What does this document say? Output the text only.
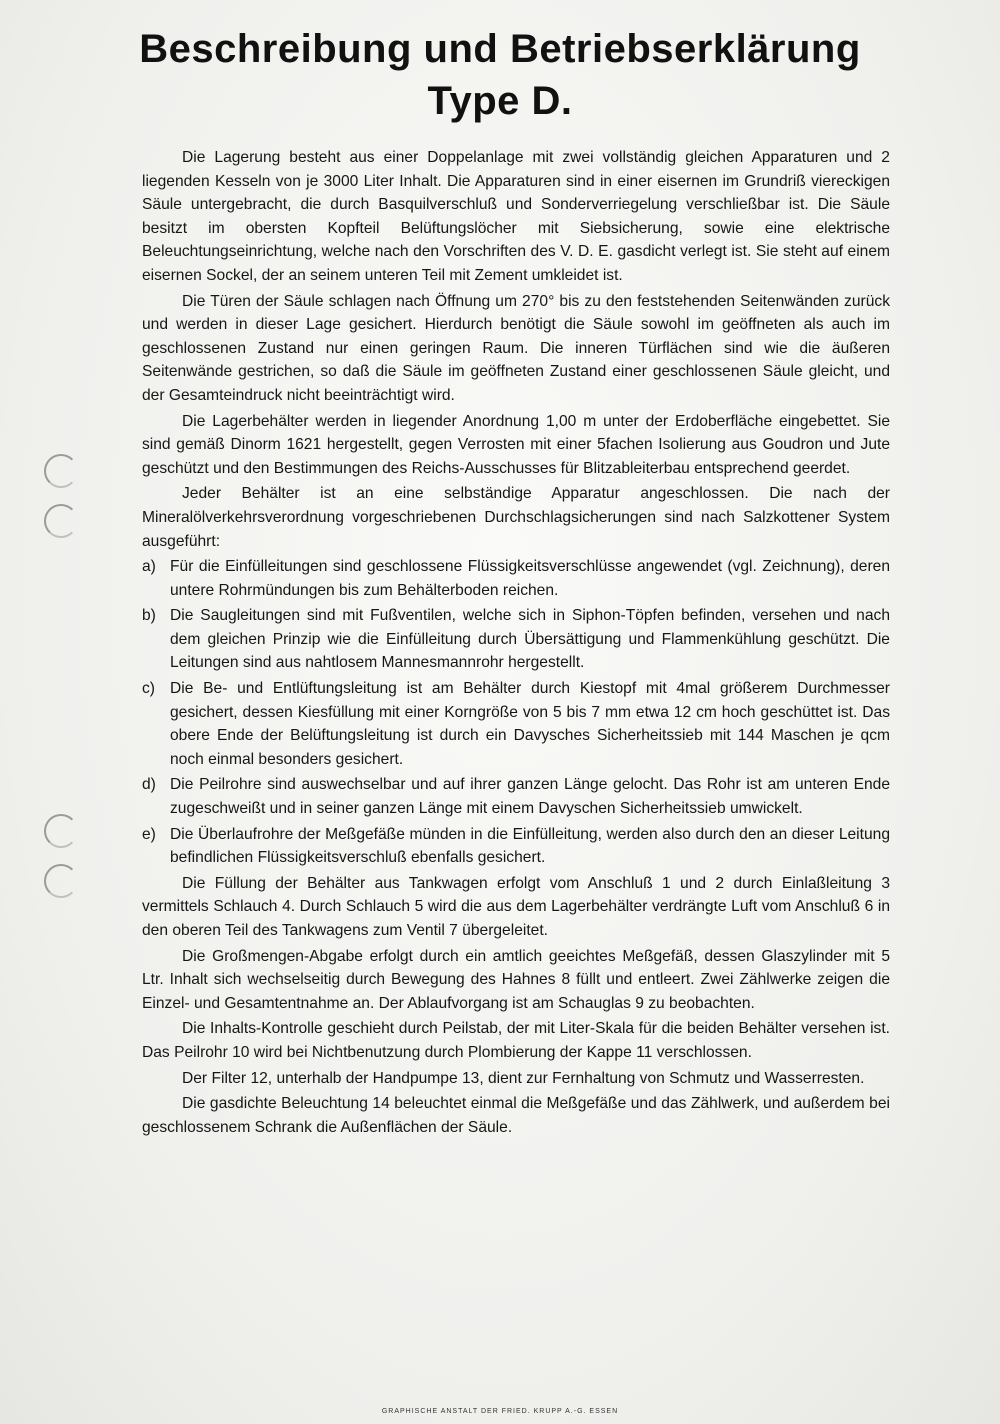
Beschreibung und Betriebserklärung
Type D.

Die Lagerung besteht aus einer Doppelanlage mit zwei vollständig gleichen Apparaturen und 2 liegenden Kesseln von je 3000 Liter Inhalt. Die Apparaturen sind in einer eisernen im Grundriß viereckigen Säule untergebracht, die durch Basquilverschluß und Sonderverriegelung verschließbar ist. Die Säule besitzt im obersten Kopfteil Belüftungslöcher mit Siebsicherung, sowie eine elektrische Beleuchtungseinrichtung, welche nach den Vorschriften des V. D. E. gasdicht verlegt ist. Sie steht auf einem eisernen Sockel, der an seinem unteren Teil mit Zement umkleidet ist.

Die Türen der Säule schlagen nach Öffnung um 270° bis zu den feststehenden Seitenwänden zurück und werden in dieser Lage gesichert. Hierdurch benötigt die Säule sowohl im geöffneten als auch im geschlossenen Zustand nur einen geringen Raum. Die inneren Türflächen sind wie die äußeren Seitenwände gestrichen, so daß die Säule im geöffneten Zustand einer geschlossenen Säule gleicht, und der Gesamteindruck nicht beeinträchtigt wird.

Die Lagerbehälter werden in liegender Anordnung 1,00 m unter der Erdoberfläche eingebettet. Sie sind gemäß Dinorm 1621 hergestellt, gegen Verrosten mit einer 5fachen Isolierung aus Goudron und Jute geschützt und den Bestimmungen des Reichs-Ausschusses für Blitzableiterbau entsprechend geerdet.

Jeder Behälter ist an eine selbständige Apparatur angeschlossen. Die nach der Mineralölverkehrsverordnung vorgeschriebenen Durchschlagsicherungen sind nach Salzkottener System ausgeführt:

a) Für die Einfülleitungen sind geschlossene Flüssigkeitsverschlüsse angewendet (vgl. Zeichnung), deren untere Rohrmündungen bis zum Behälterboden reichen.

b) Die Saugleitungen sind mit Fußventilen, welche sich in Siphon-Töpfen befinden, versehen und nach dem gleichen Prinzip wie die Einfülleitung durch Übersättigung und Flammenkühlung geschützt. Die Leitungen sind aus nahtlosem Mannesmannrohr hergestellt.

c) Die Be- und Entlüftungsleitung ist am Behälter durch Kiestopf mit 4mal größerem Durchmesser gesichert, dessen Kiesfüllung mit einer Korngröße von 5 bis 7 mm etwa 12 cm hoch geschüttet ist. Das obere Ende der Belüftungsleitung ist durch ein Davysches Sicherheitssieb mit 144 Maschen je qcm noch einmal besonders gesichert.

d) Die Peilrohre sind auswechselbar und auf ihrer ganzen Länge gelocht. Das Rohr ist am unteren Ende zugeschweißt und in seiner ganzen Länge mit einem Davyschen Sicherheitssieb umwickelt.

e) Die Überlaufrohre der Meßgefäße münden in die Einfülleitung, werden also durch den an dieser Leitung befindlichen Flüssigkeitsverschluß ebenfalls gesichert.

Die Füllung der Behälter aus Tankwagen erfolgt vom Anschluß 1 und 2 durch Einlaßleitung 3 vermittels Schlauch 4. Durch Schlauch 5 wird die aus dem Lagerbehälter verdrängte Luft vom Anschluß 6 in den oberen Teil des Tankwagens zum Ventil 7 übergeleitet.

Die Großmengen-Abgabe erfolgt durch ein amtlich geeichtes Meßgefäß, dessen Glaszylinder mit 5 Ltr. Inhalt sich wechselseitig durch Bewegung des Hahnes 8 füllt und entleert. Zwei Zählwerke zeigen die Einzel- und Gesamtentnahme an. Der Ablaufvorgang ist am Schauglas 9 zu beobachten.

Die Inhalts-Kontrolle geschieht durch Peilstab, der mit Liter-Skala für die beiden Behälter versehen ist. Das Peilrohr 10 wird bei Nichtbenutzung durch Plombierung der Kappe 11 verschlossen.

Der Filter 12, unterhalb der Handpumpe 13, dient zur Fernhaltung von Schmutz und Wasserresten.

Die gasdichte Beleuchtung 14 beleuchtet einmal die Meßgefäße und das Zählwerk, und außerdem bei geschlossenem Schrank die Außenflächen der Säule.

GRAPHISCHE ANSTALT DER FRIED. KRUPP A.-G. ESSEN
